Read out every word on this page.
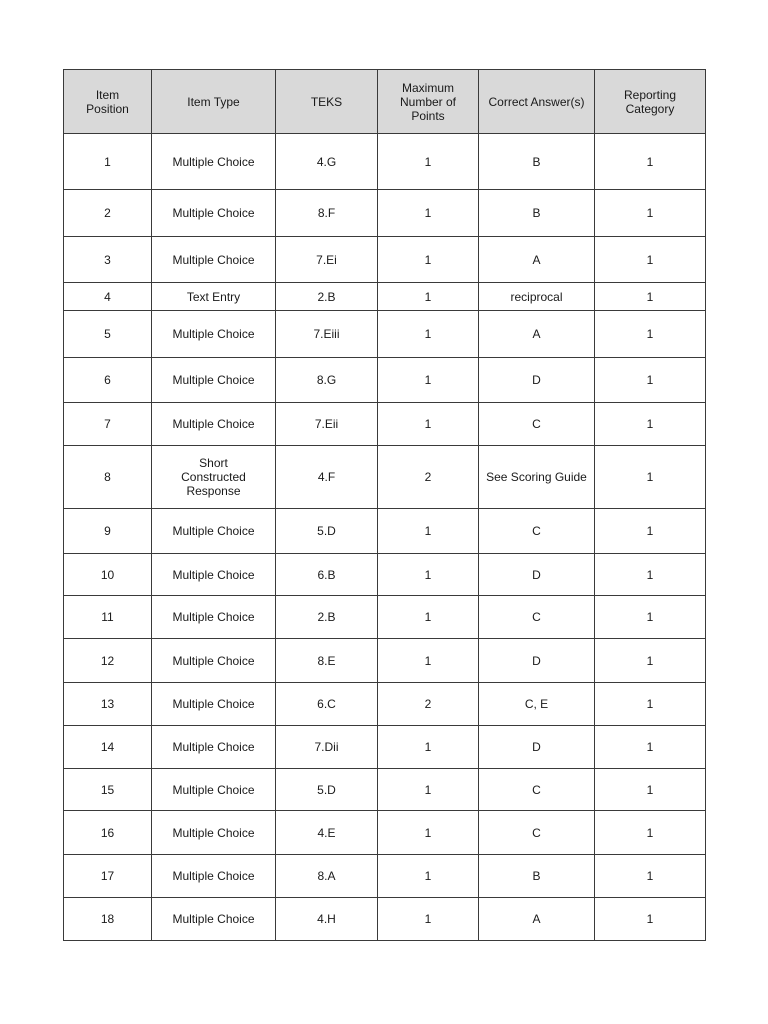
Item Position	Item Type	TEKS	Maximum Number of Points	Correct Answer(s)	Reporting Category
1	Multiple Choice	4.G	1	B	1
2	Multiple Choice	8.F	1	B	1
3	Multiple Choice	7.Ei	1	A	1
4	Text Entry	2.B	1	reciprocal	1
5	Multiple Choice	7.Eiii	1	A	1
6	Multiple Choice	8.G	1	D	1
7	Multiple Choice	7.Eii	1	C	1
8	Short Constructed Response	4.F	2	See Scoring Guide	1
9	Multiple Choice	5.D	1	C	1
10	Multiple Choice	6.B	1	D	1
11	Multiple Choice	2.B	1	C	1
12	Multiple Choice	8.E	1	D	1
13	Multiple Choice	6.C	2	C, E	1
14	Multiple Choice	7.Dii	1	D	1
15	Multiple Choice	5.D	1	C	1
16	Multiple Choice	4.E	1	C	1
17	Multiple Choice	8.A	1	B	1
18	Multiple Choice	4.H	1	A	1
